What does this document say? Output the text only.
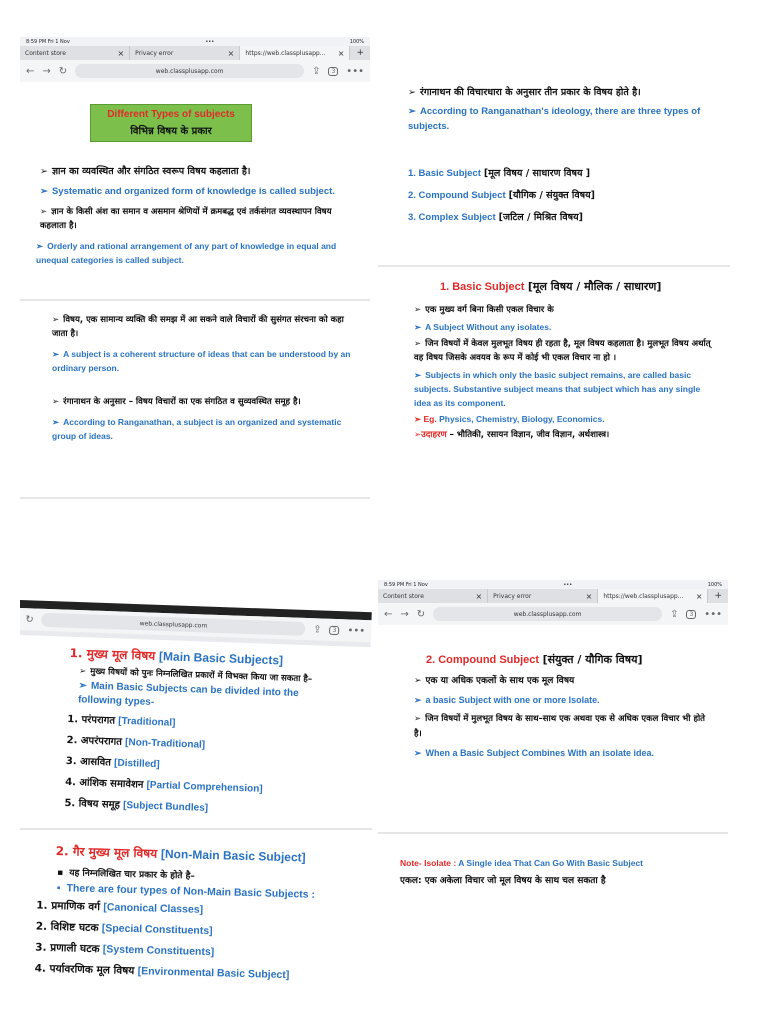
8:59 PM Fri 1 Nov	•••	100%
Content store	× Privacy error	× https://web.classplusapp... ×	+
← → ↻	web.classplusapp.com	⇪	3	•••
Different Types of subjects
विभिन्न विषय के प्रकार
➢ ज्ञान का व्यवस्थित और संगठित स्वरूप विषय कहलाता है।
➢ Systematic and organized form of knowledge is called subject.
➢ ज्ञान के किसी अंश का समान व असमान श्रेणियों में क्रमबद्ध एवं तर्कसंगत व्यवस्थापन विषय कहलाता है।
➢ Orderly and rational arrangement of any part of knowledge in equal and unequal categories is called subject.
➢ विषय, एक सामान्य व्यक्ति की समझ में आ सकने वाले विचारों की सुसंगत संरचना को कहा जाता है।
➢ A subject is a coherent structure of ideas that can be understood by an ordinary person.
➢ रंगानाथन के अनुसार – विषय विचारों का एक संगठित व सुव्यवस्थित समूह है।
➢ According to Ranganathan, a subject is an organized and systematic group of ideas.
➢ रंगानाथन की विचारधारा के अनुसार तीन प्रकार के विषय होते है।
➢ According to Ranganathan's ideology, there are three types of subjects.
1. Basic Subject [मूल विषय / साधारण विषय ]
2. Compound Subject [यौगिक / संयुक्त विषय]
3. Complex Subject [जटिल / मिश्रित विषय]
1. Basic Subject [मूल विषय / मौलिक / साधारण]
➢ एक मुख्य वर्ग बिना किसी एकल विचार के
➢ A Subject Without any isolates.
➢ जिन विषयों में केवल मुलभूत विषय ही रहता है, मूल विषय कहलाता है। मुलभूत विषय अर्थात् वह विषय जिसके अवयव के रूप में कोई भी एकल विचार ना हो ।
➢ Subjects in which only the basic subject remains, are called basic subjects. Substantive subject means that subject which has any single idea as its component.
➢ Eg. Physics, Chemistry, Biology, Economics.
➢उदाहरण – भौतिकी, रसायन विज्ञान, जीव विज्ञान, अर्थशास्त्र।
↻	web.classplusapp.com	⇪	3	•••
1. मुख्य मूल विषय [Main Basic Subjects]
➢ मुख्य विषयों को पुनः निम्नलिखित प्रकारों में विभक्त किया जा सकता है–
➢ Main Basic Subjects can be divided into the following types-
1. परंपरागत [Traditional]
2. अपरंपरागत [Non-Traditional]
3. आसवित [Distilled]
4. आंशिक समावेशन [Partial Comprehension]
5. विषय समूह [Subject Bundles]
2. गैर मुख्य मूल विषय [Non-Main Basic Subject]
▪ यह निम्नलिखित चार प्रकार के होते है–
▪ There are four types of Non-Main Basic Subjects :
1. प्रमाणिक वर्ग [Canonical Classes]
2. विशिष्ट घटक [Special Constituents]
3. प्रणाली घटक [System Constituents]
4. पर्यावरणिक मूल विषय [Environmental Basic Subject]
8:59 PM Fri 1 Nov	•••	100%
Content store	× Privacy error	× https://web.classplusapp... ×	+
← → ↻	web.classplusapp.com	⇪	3	•••
2. Compound Subject [संयुक्त / यौगिक विषय]
➢ एक या अधिक एकलों के साथ एक मूल विषय
➢ a basic Subject with one or more Isolate.
➢ जिन विषयों में मुलभूत विषय के साथ–साथ एक अथवा एक से अधिक एकल विचार भी होते है।
➢ When a Basic Subject Combines With an isolate idea.
Note- Isolate : A Single idea That Can Go With Basic Subject
एकल: एक अकेला विचार जो मूल विषय के साथ चल सकता है
